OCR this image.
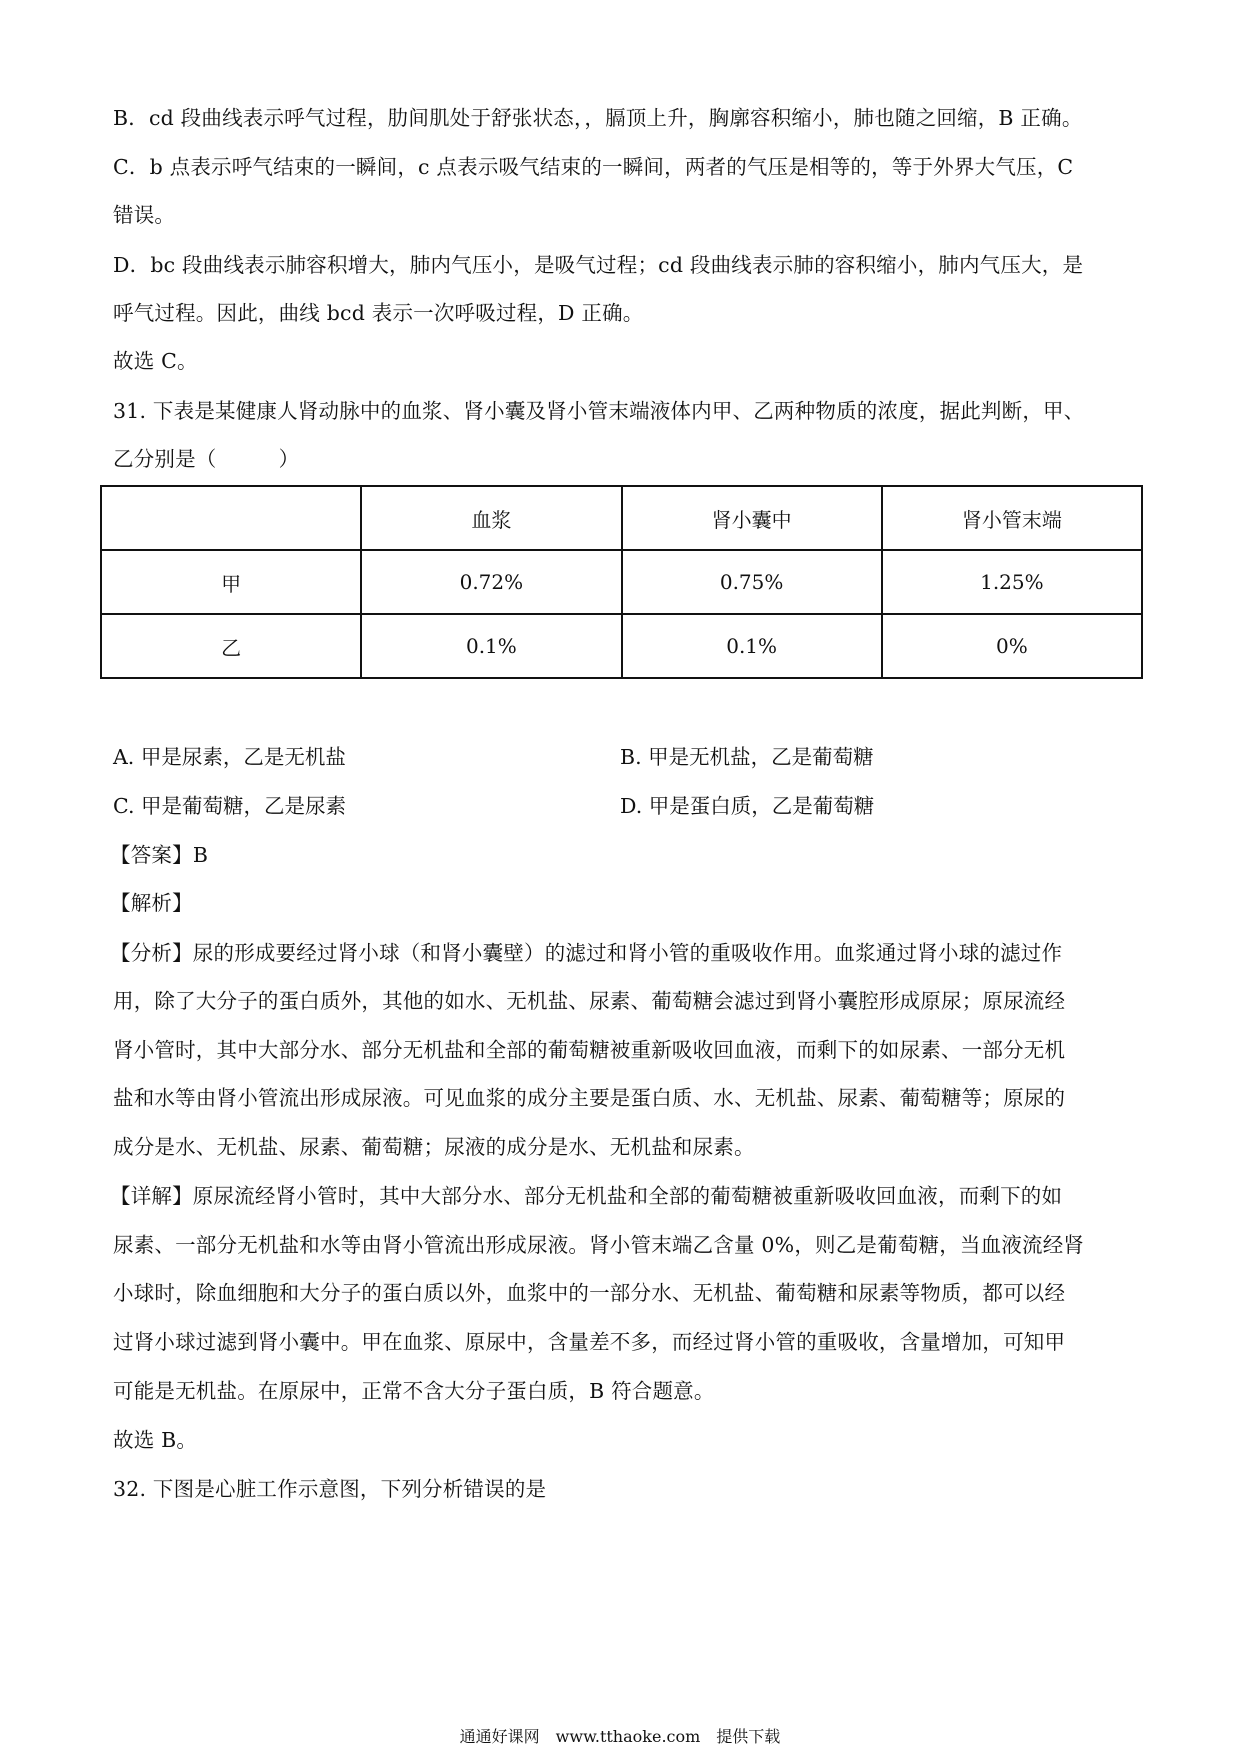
B．cd 段曲线表示呼气过程，肋间肌处于舒张状态，，膈顶上升，胸廓容积缩小，肺也随之回缩，B 正确。
C．b 点表示呼气结束的一瞬间，c 点表示吸气结束的一瞬间，两者的气压是相等的，等于外界大气压，C
错误。
D．bc 段曲线表示肺容积增大，肺内气压小，是吸气过程；cd 段曲线表示肺的容积缩小，肺内气压大，是
呼气过程。因此，曲线 bcd 表示一次呼吸过程，D 正确。
故选 C。
31. 下表是某健康人肾动脉中的血浆、肾小囊及肾小管末端液体内甲、乙两种物质的浓度，据此判断，甲、
乙分别是（　　　）
	血浆	肾小囊中	肾小管末端
甲	0.72%	0.75%	1.25%
乙	0.1%	0.1%	0%
A. 甲是尿素，乙是无机盐	B. 甲是无机盐，乙是葡萄糖
C. 甲是葡萄糖，乙是尿素	D. 甲是蛋白质，乙是葡萄糖
【答案】B
【解析】
【分析】尿的形成要经过肾小球（和肾小囊壁）的滤过和肾小管的重吸收作用。血浆通过肾小球的滤过作
用，除了大分子的蛋白质外，其他的如水、无机盐、尿素、葡萄糖会滤过到肾小囊腔形成原尿；原尿流经
肾小管时，其中大部分水、部分无机盐和全部的葡萄糖被重新吸收回血液，而剩下的如尿素、一部分无机
盐和水等由肾小管流出形成尿液。可见血浆的成分主要是蛋白质、水、无机盐、尿素、葡萄糖等；原尿的
成分是水、无机盐、尿素、葡萄糖；尿液的成分是水、无机盐和尿素。
【详解】原尿流经肾小管时，其中大部分水、部分无机盐和全部的葡萄糖被重新吸收回血液，而剩下的如
尿素、一部分无机盐和水等由肾小管流出形成尿液。肾小管末端乙含量 0%，则乙是葡萄糖，当血液流经肾
小球时，除血细胞和大分子的蛋白质以外，血浆中的一部分水、无机盐、葡萄糖和尿素等物质，都可以经
过肾小球过滤到肾小囊中。甲在血浆、原尿中，含量差不多，而经过肾小管的重吸收，含量增加，可知甲
可能是无机盐。在原尿中，正常不含大分子蛋白质，B 符合题意。
故选 B。
32. 下图是心脏工作示意图，下列分析错误的是
通通好课网　www.tthaoke.com　提供下载
